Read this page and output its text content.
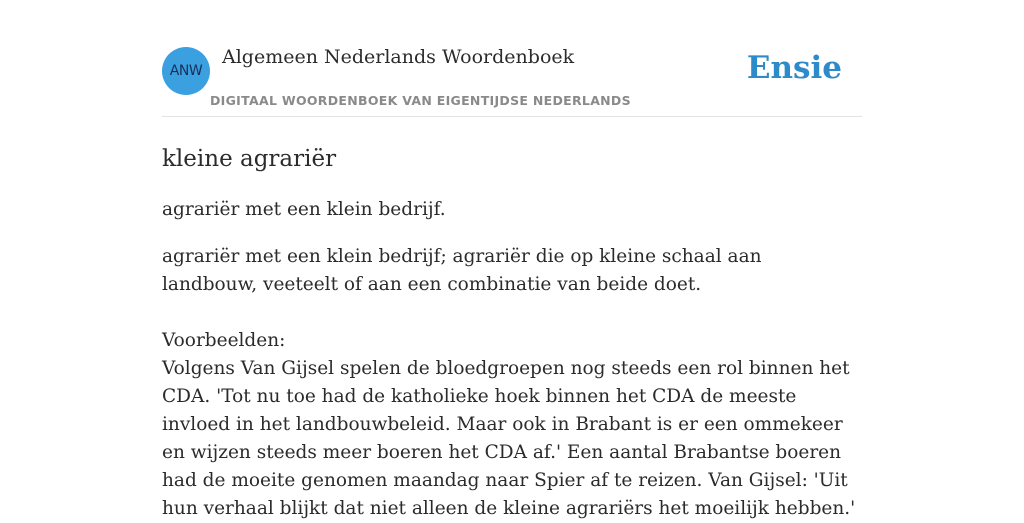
ANW
Algemeen Nederlands Woordenboek
DIGITAAL WOORDENBOEK VAN EIGENTIJDSE NEDERLANDS
Ensie
kleine agrariër

agrariër met een klein bedrijf.

agrariër met een klein bedrijf; agrariër die op kleine schaal aan landbouw, veeteelt of aan een combinatie van beide doet.

Voorbeelden:

Volgens Van Gijsel spelen de bloedgroepen nog steeds een rol binnen het CDA. 'Tot nu toe had de katholieke hoek binnen het CDA de meeste invloed in het landbouwbeleid. Maar ook in Brabant is er een ommekeer en wijzen steeds meer boeren het CDA af.' Een aantal Brabantse boeren had de moeite genomen maandag naar Spier af te reizen. Van Gijsel: 'Uit hun verhaal blijkt dat niet alleen de kleine agrariërs het moeilijk hebben.'
